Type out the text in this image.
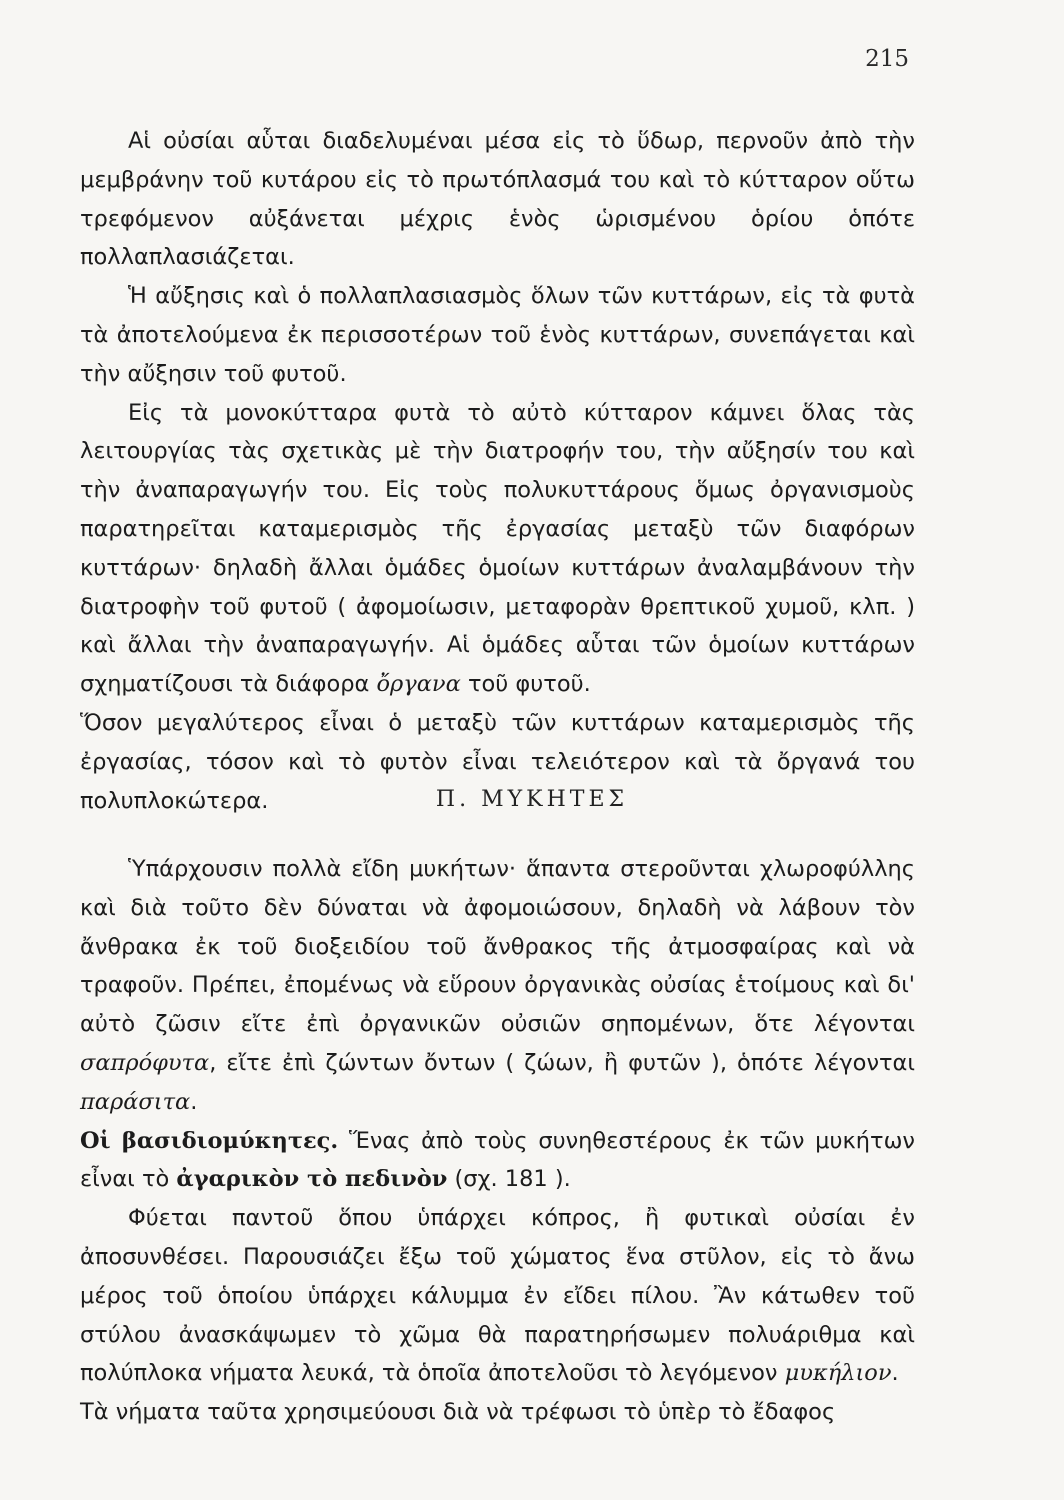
215

Αἱ οὐσίαι αὗται διαδελυμέναι μέσα εἰς τὸ ὕδωρ, περνοῦν ἀπὸ τὴν μεμβράνην τοῦ κυτάρου εἰς τὸ πρωτόπλασμά του καὶ τὸ κύτταρον οὕτω τρεφόμενον αὐξάνεται μέχρις ἑνὸς ὡρισμένου ὁρίου ὁπότε πολλαπλασιάζεται.

Ἡ αὔξησις καὶ ὁ πολλαπλασιασμὸς ὅλων τῶν κυττάρων, εἰς τὰ φυτὰ τὰ ἀποτελούμενα ἐκ περισσοτέρων τοῦ ἑνὸς κυττάρων, συνεπάγεται καὶ τὴν αὔξησιν τοῦ φυτοῦ.

Εἰς τὰ μονοκύτταρα φυτὰ τὸ αὐτὸ κύτταρον κάμνει ὅλας τὰς λειτουργίας τὰς σχετικὰς μὲ τὴν διατροφήν του, τὴν αὔξησίν του καὶ τὴν ἀναπαραγωγήν του. Εἰς τοὺς πολυκυττάρους ὅμως ὀργανισμοὺς παρατηρεῖται καταμερισμὸς τῆς ἐργασίας μεταξὺ τῶν διαφόρων κυττάρων· δηλαδὴ ἄλλαι ὁμάδες ὁμοίων κυττάρων ἀναλαμβάνουν τὴν διατροφὴν τοῦ φυτοῦ ( ἀφομοίωσιν, μεταφορὰν θρεπτικοῦ χυμοῦ, κλπ. ) καὶ ἄλλαι τὴν ἀναπαραγωγήν. Αἱ ὁμάδες αὗται τῶν ὁμοίων κυττάρων σχηματίζουσι τὰ διάφορα ὄργανα τοῦ φυτοῦ.

Ὅσον μεγαλύτερος εἶναι ὁ μεταξὺ τῶν κυττάρων καταμερισμὸς τῆς ἐργασίας, τόσον καὶ τὸ φυτὸν εἶναι τελειότερον καὶ τὰ ὄργανά του πολυπλοκώτερα.	Π. ΜΥΚΗΤΕΣ

Ὑπάρχουσιν πολλὰ εἴδη μυκήτων· ἅπαντα στεροῦνται χλωροφύλλης καὶ διὰ τοῦτο δὲν δύναται νὰ ἀφομοιώσουν, δηλαδὴ νὰ λάβουν τὸν ἄνθρακα ἐκ τοῦ διοξειδίου τοῦ ἄνθρακος τῆς ἀτμοσφαίρας καὶ νὰ τραφοῦν. Πρέπει, ἐπομένως νὰ εὕρουν ὀργανικὰς οὐσίας ἑτοίμους καὶ δι' αὐτὸ ζῶσιν εἴτε ἐπὶ ὀργανικῶν οὐσιῶν σηπομένων, ὅτε λέγονται σαπρόφυτα, εἴτε ἐπὶ ζώντων ὄντων ( ζώων, ἢ φυτῶν ), ὁπότε λέγονται παράσιτα.

Οἱ βασιδιομύκητες. Ἕνας ἀπὸ τοὺς συνηθεστέρους ἐκ τῶν μυκήτων εἶναι τὸ ἀγαρικὸν τὸ πεδινὸν (σχ. 181 ).

Φύεται παντοῦ ὅπου ὑπάρχει κόπρος, ἢ φυτικαὶ οὐσίαι ἐν ἀποσυνθέσει. Παρουσιάζει ἔξω τοῦ χώματος ἕνα στῦλον, εἰς τὸ ἄνω μέρος τοῦ ὁποίου ὑπάρχει κάλυμμα ἐν εἴδει πίλου. Ἂν κάτωθεν τοῦ στύλου ἀνασκάψωμεν τὸ χῶμα θὰ παρατηρήσωμεν πολυάριθμα καὶ πολύπλοκα νήματα λευκά, τὰ ὁποῖα ἀποτελοῦσι τὸ λεγόμενον μυκήλιον.

Τὰ νήματα ταῦτα χρησιμεύουσι διὰ νὰ τρέφωσι τὸ ὑπὲρ τὸ ἔδαφος
